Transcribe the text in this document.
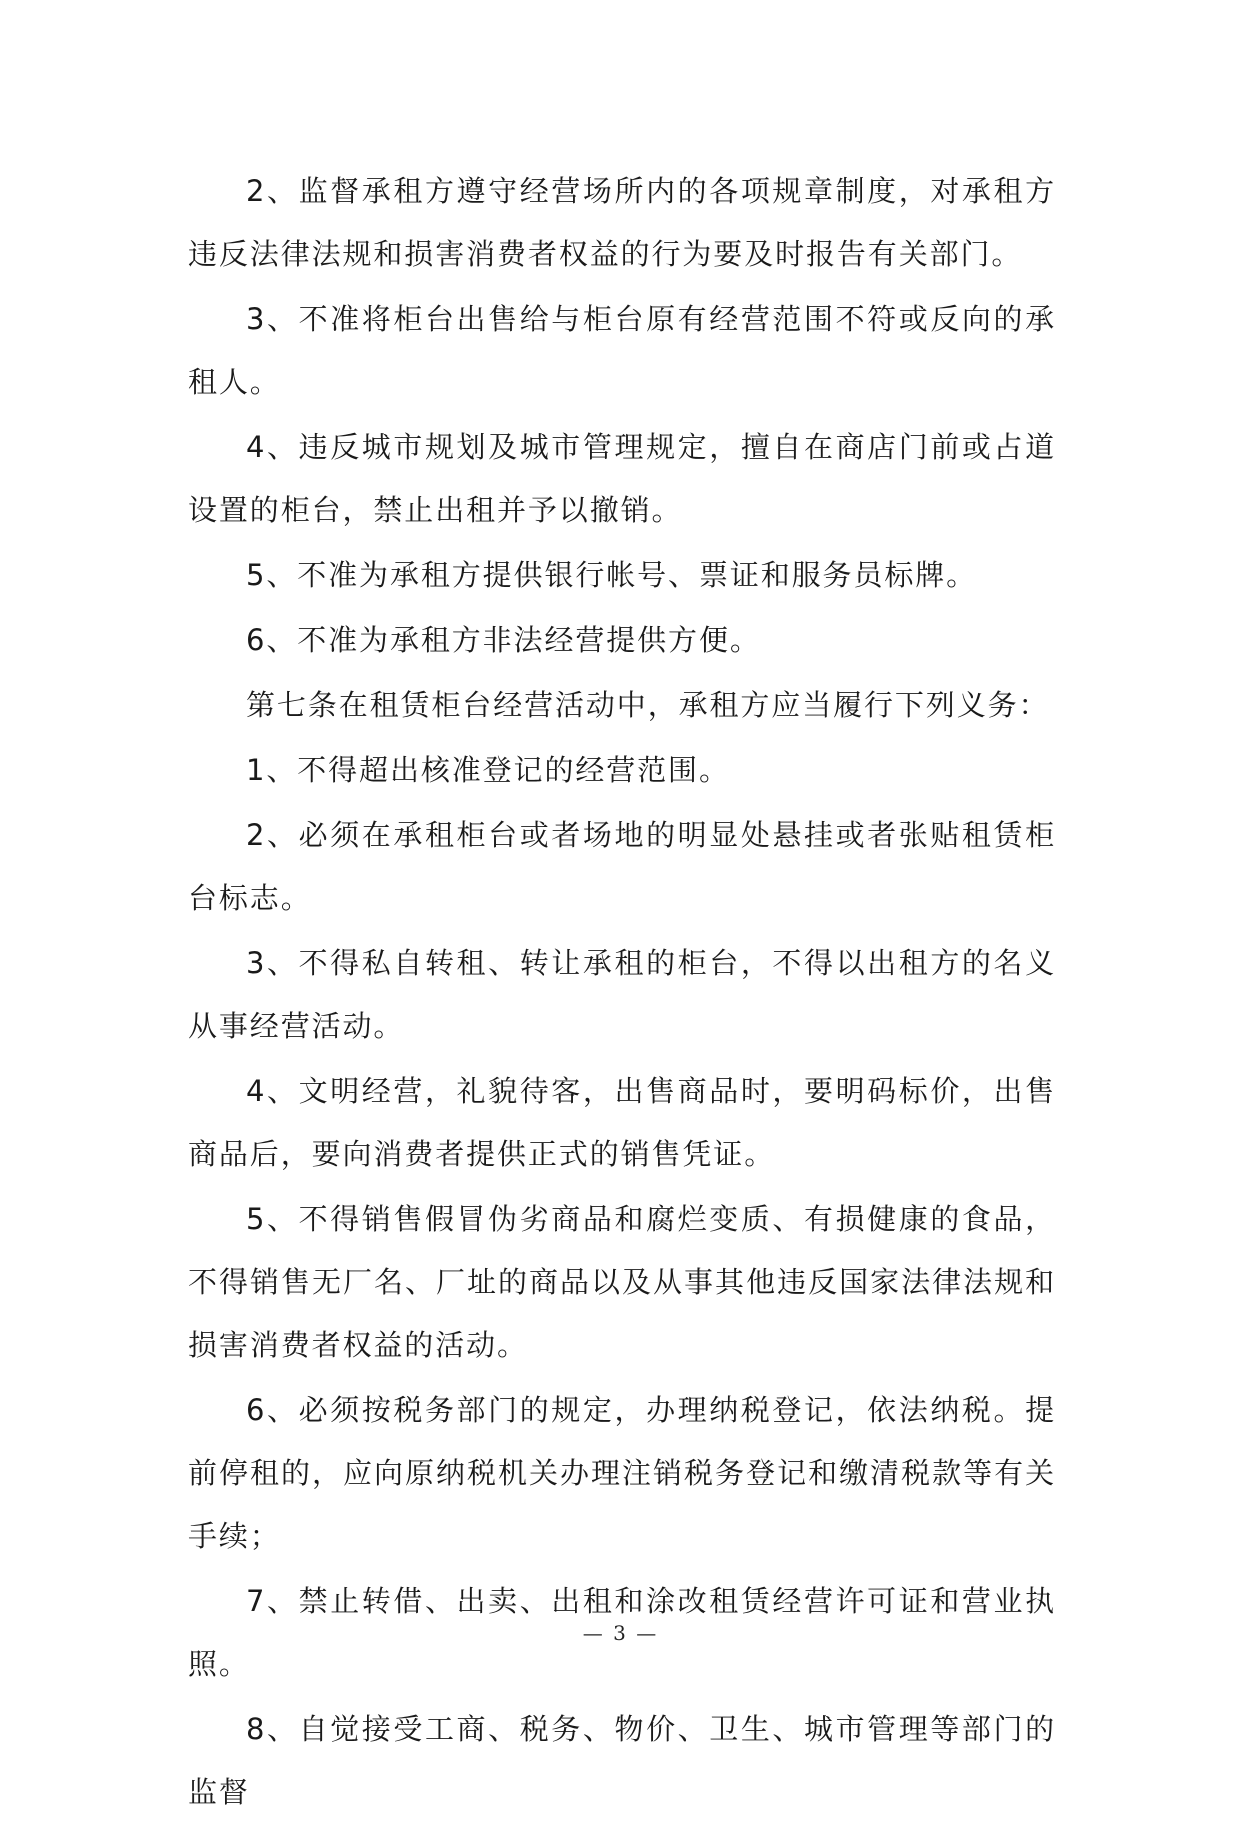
2、监督承租方遵守经营场所内的各项规章制度，对承租方违反法律法规和损害消费者权益的行为要及时报告有关部门。

3、不准将柜台出售给与柜台原有经营范围不符或反向的承租人。

4、违反城市规划及城市管理规定，擅自在商店门前或占道设置的柜台，禁止出租并予以撤销。

5、不准为承租方提供银行帐号、票证和服务员标牌。

6、不准为承租方非法经营提供方便。

第七条在租赁柜台经营活动中，承租方应当履行下列义务：

1、不得超出核准登记的经营范围。

2、必须在承租柜台或者场地的明显处悬挂或者张贴租赁柜台标志。

3、不得私自转租、转让承租的柜台，不得以出租方的名义从事经营活动。

4、文明经营，礼貌待客，出售商品时，要明码标价，出售商品后，要向消费者提供正式的销售凭证。

5、不得销售假冒伪劣商品和腐烂变质、有损健康的食品，不得销售无厂名、厂址的商品以及从事其他违反国家法律法规和损害消费者权益的活动。

6、必须按税务部门的规定，办理纳税登记，依法纳税。提前停租的，应向原纳税机关办理注销税务登记和缴清税款等有关手续；

7、禁止转借、出卖、出租和涂改租赁经营许可证和营业执照。

8、自觉接受工商、税务、物价、卫生、城市管理等部门的监督

— 3 —
